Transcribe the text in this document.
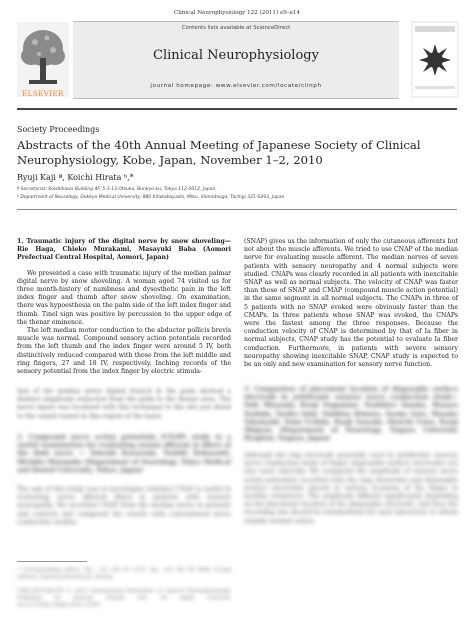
Clinical Neurophysiology 122 (2011) e9–e14
ELSEVIER
Contents lists available at ScienceDirect
Clinical Neurophysiology
journal homepage: www.elsevier.com/locate/clinph
Society Proceedings
Abstracts of the 40th Annual Meeting of Japanese Society of Clinical Neurophysiology, Kobe, Japan, November 1–2, 2010
Ryuji Kaji ª, Koichi Hirata ᵇ,*
ª Secretariat: Koishikawa Building 4F, 5-3-13 Otsuka, Bunkyo-ku, Tokyo 112-0012, Japan,
ᵇ Department of Neurology, Dokkyo Medical University, 880 Kitakobayashi, Mibu, Shimotsuga, Tochigi 321-0293, Japan

1. Traumatic injury of the digital nerve by snow shoveling—Rie Haga, Chieko Murakami, Masayuki Baba (Aomori Prefectual Central Hospital, Aomori, Japan)

We presented a case with traumatic injury of the median palmar digital nerve by snow shoveling. A woman aged 74 visited us for three month-history of numbness and dysesthetic pain in the left index finger and thumb after snow shoveling. On examination, there was hypoesthesia on the palm side of the left index finger and thumb. Tinel sign was positive by percussion to the upper edge of the thenar eminence.

The left median motor conduction to the abductor pollicis brevis muscle was normal. Compound sensory action potentials recorded from the left thumb and the index finger were around 5 IV, both distinctively reduced compared with those from the left middle and ring fingers, 27 and 18 IV, respectively. Inching records of the sensory potential from the index finger by electric stimula-

tion of the median nerve digital branch in the palm showed a distinct amplitude reduction from the palm to the thenar area. The nerve injury was localized with this technique to the site just distal to the carpal tunnel in this region of the hand.
2. Compound nerve action potentials (CNAP) study in a useful examination for evaluating axonal afferent in fibers of the limb nerve — Takeshi Kawarada, Toshiki Kobayashi, Michiko Watanabe (Department of Neurology, Tokyo Medical and Dental University, Tokyo, Japan)
The aim of this study was to investigate whether CNAP is useful in evaluating nerve afferent fibers in patients with sensory neuropathy. We recorded CNAP from the median nerve in patients and controls and compared the results with conventional nerve conduction studies.
* Corresponding author. Tel.: +81 282 87 2151; fax: +81 282 86 5884. E-mail address: [email protected] (K. Hirata).
1388-2457/$36.00 © 2010 International Federation of Clinical Neurophysiology. Published by Elsevier Ireland Ltd. All rights reserved. doi:10.1016/j.clinph.2010.10.001

(SNAP) gives us the information of only the cutaneous afferents but not about the muscle afferents. We tried to use CNAP of the median nerve for evaluating muscle afferent. The median nerves of seven patients with sensory neuropathy and 4 normal subjects were studied. CNAPs was clearly recorded in all patients with inexcitable SNAP as well as normal subjects. The velocity of CNAP was faster than those of SNAP and CMAP (compound muscle action potential) in the same segment in all normal subjects. The CNAPs in three of 5 patients with no SNAP evoked were obviously faster than the CMAPs. In three patients whose SNAP was evoked, the CNAPs were the fastest among the three responses. Because the conduction velocity of CNAP is determined by that of Ia fiber in normal subjects, CNAP study has the potential to evaluate Ia fiber conduction. Furthermore, in patients with severe sensory neuropathy showing inexcitable SNAP, CNAP study is expected to be an only and new examination for sensory nerve function.

3. Comparison of placement location of disposable surface electrode in antidromic sensory nerve conduction study—Yuki Miyazaki, Kenji Nagamine, Yoshihiro Tanaka, Masaru Yoshida, Yuriko Ishii, Yukihisa Kimura, Naoko Sato, Masako Takahashi, Yumi Uchida, Kenji Sawada, Shuichi Ueno, Kouji Shigeno (Department of Neurology, Nagoya University Hospital, Nagoya, Japan)
Although the ring electrode generally used in antidromic sensory nerve conduction study of finger, disposable surface electrodes are also used clinically. We compared the amplitude of sensory nerve action potentials recorded with the ring electrodes and disposable surface electrodes placed at various locations of the finger in healthy volunteers. The amplitude differed significantly depending on the placement location of the disposable electrode, and thus the recording site should be standardized for each laboratory to obtain reliable normal values.
